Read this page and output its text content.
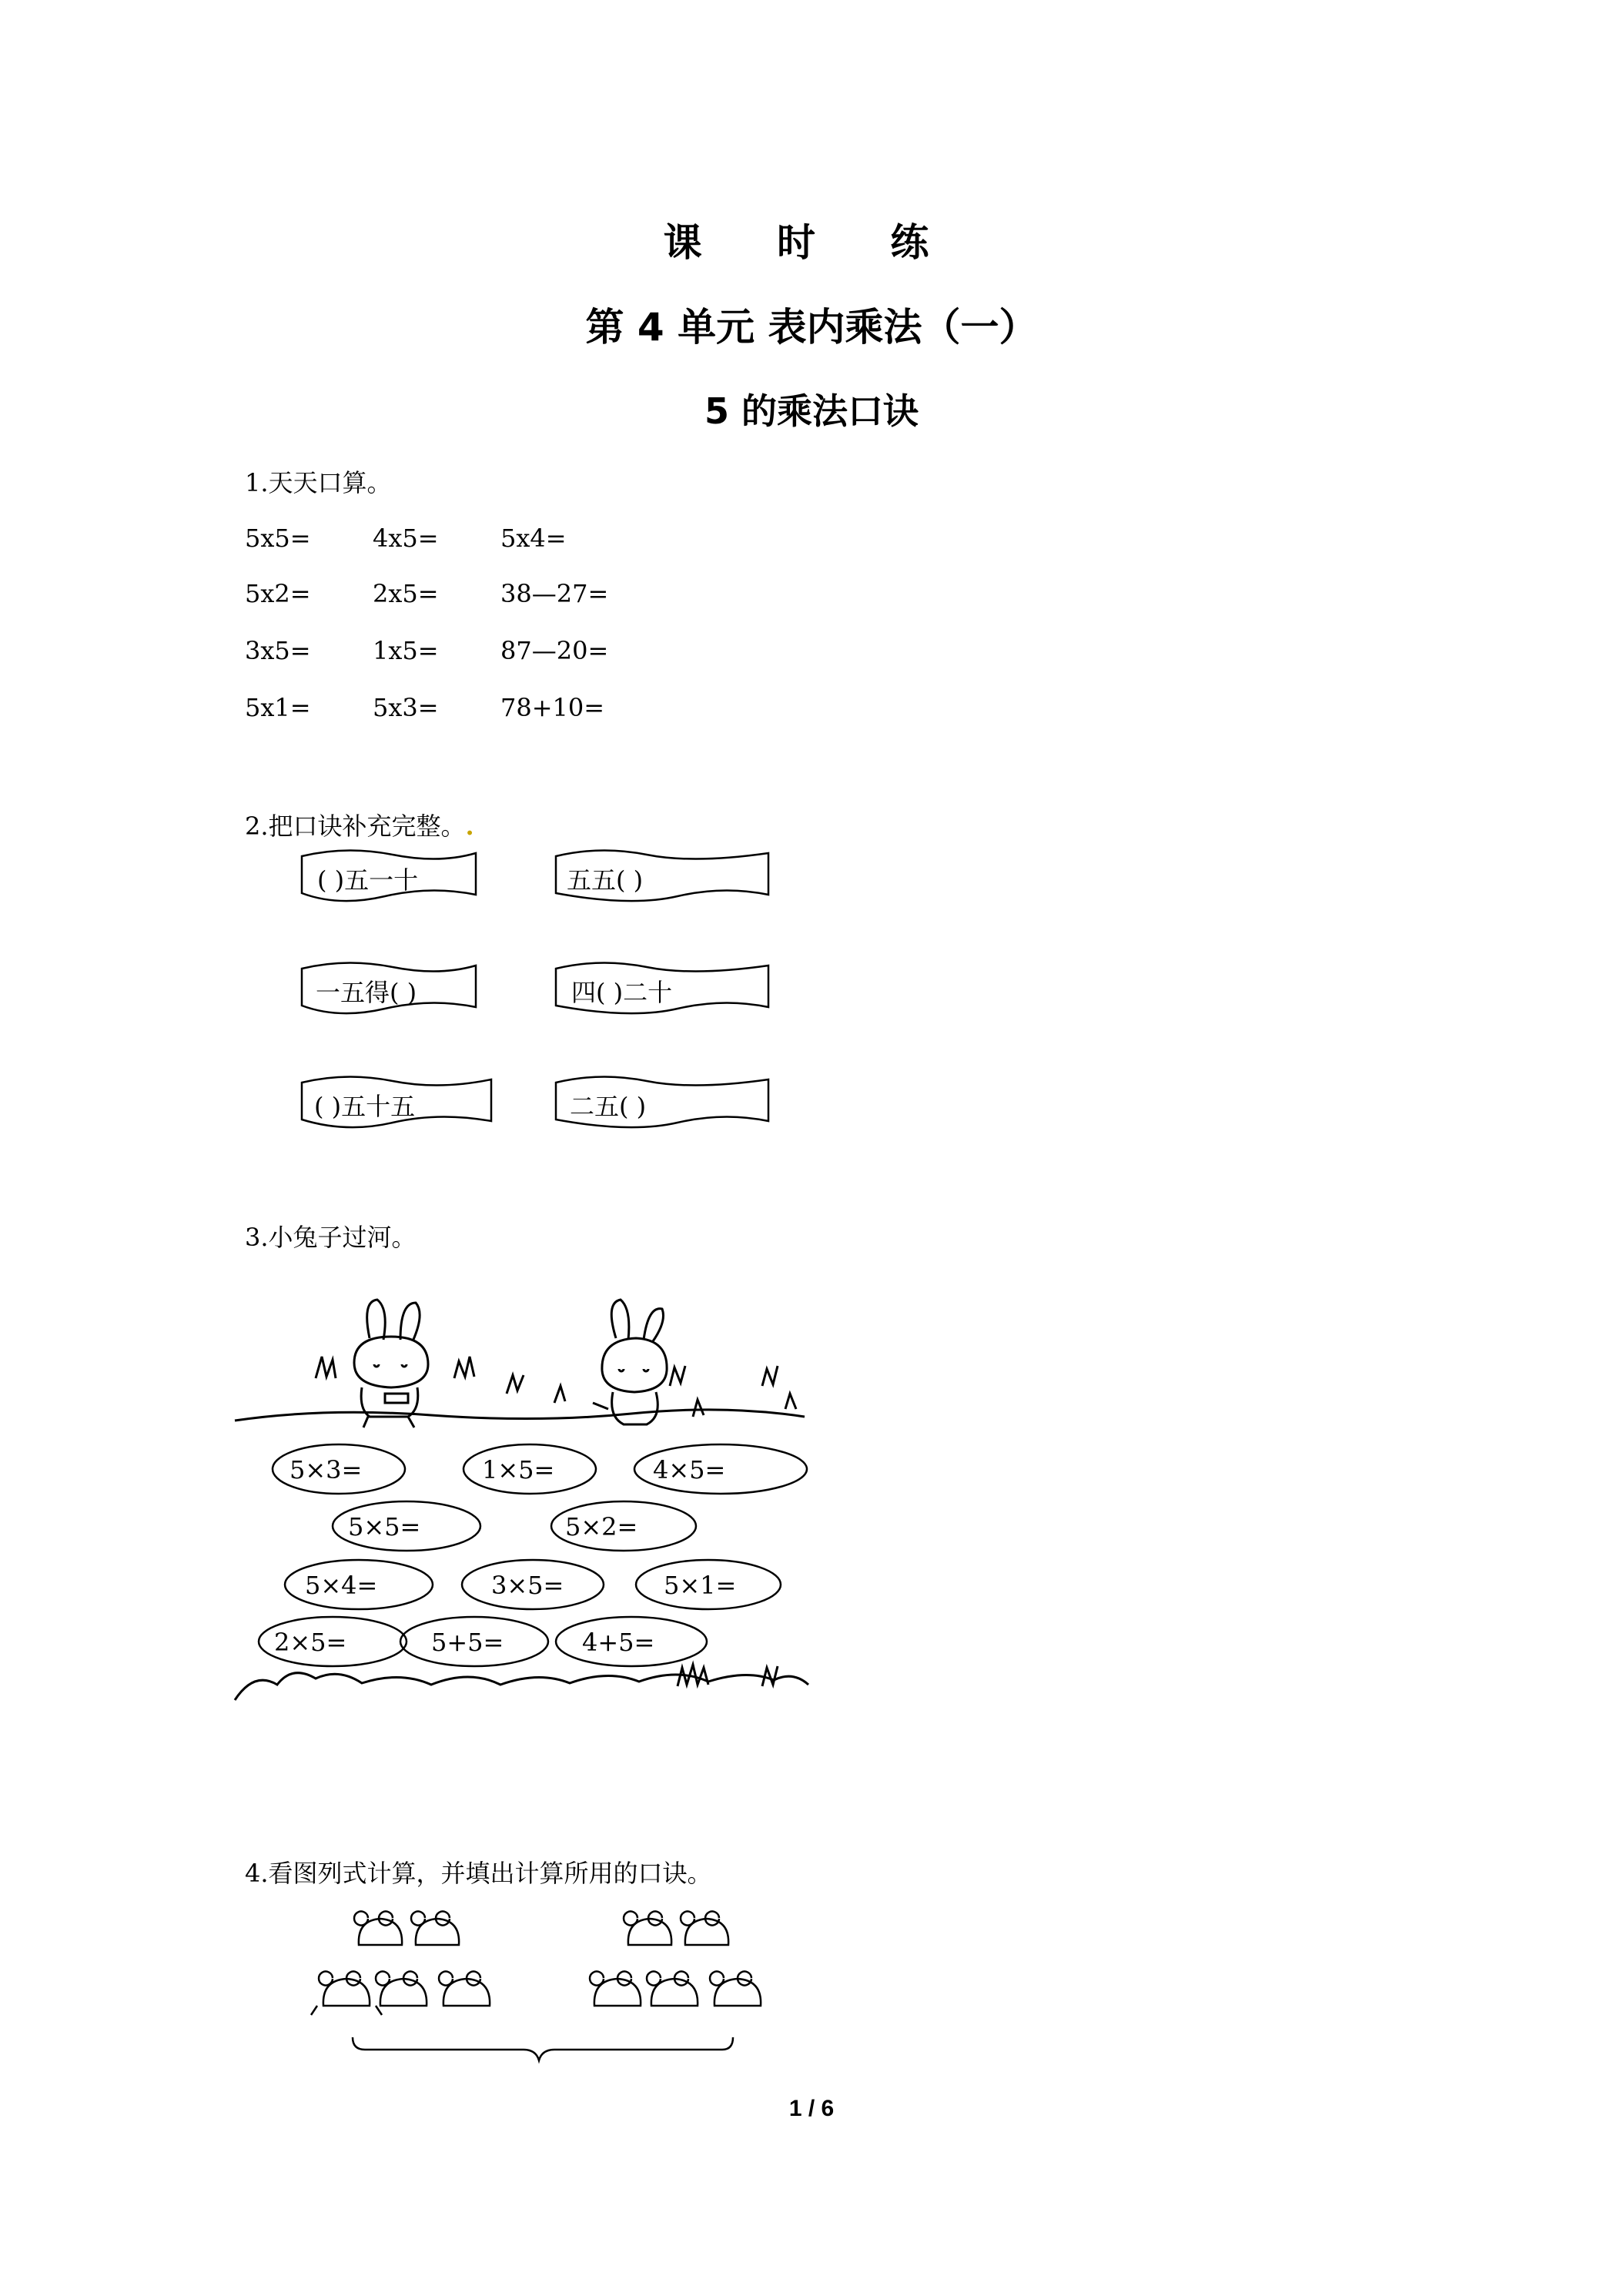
课 时 练
第 4 单元 表内乘法（一）
5 的乘法口诀
1.天天口算。
5x5=	4x5=	5x4=
5x2=	2x5=	38—27=
3x5=	1x5=	87—20=
5x1=	5x3=	78+10=
2.把口诀补充完整。.
( )五一十	五五( )
一五得( )	四( )二十
( )五十五	二五( )
3.小兔子过河。
5×3=	1×5=	4×5=
5×5=	5×2=
5×4=	3×5=	5×1=
2×5=	5+5=	4+5=
4.看图列式计算，并填出计算所用的口诀。
1 / 6
